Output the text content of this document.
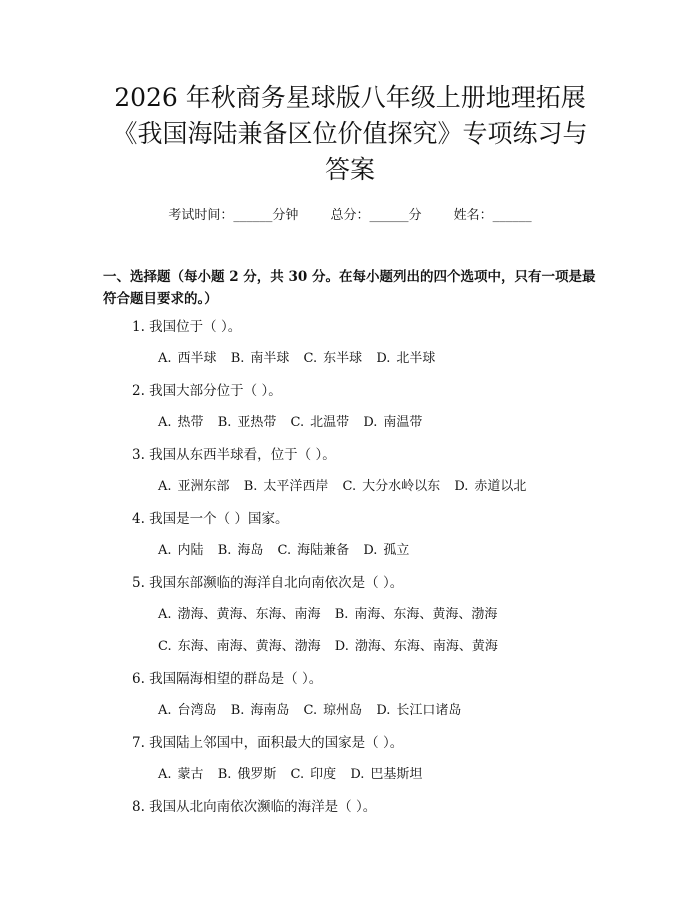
2026 年秋商务星球版八年级上册地理拓展
《我国海陆兼备区位价值探究》专项练习与
答案
考试时间：______分钟 总分：______分 姓名：______
一、选择题（每小题 2 分，共 30 分。在每小题列出的四个选项中，只有一项是最
符合题目要求的。）
1. 我国位于（ ）。
A. 西半球 B. 南半球 C. 东半球 D. 北半球
2. 我国大部分位于（ ）。
A. 热带 B. 亚热带 C. 北温带 D. 南温带
3. 我国从东西半球看，位于（ ）。
A. 亚洲东部 B. 太平洋西岸 C. 大分水岭以东 D. 赤道以北
4. 我国是一个（ ）国家。
A. 内陆 B. 海岛 C. 海陆兼备 D. 孤立
5. 我国东部濒临的海洋自北向南依次是（ ）。
A. 渤海、黄海、东海、南海 B. 南海、东海、黄海、渤海
C. 东海、南海、黄海、渤海 D. 渤海、东海、南海、黄海
6. 我国隔海相望的群岛是（ ）。
A. 台湾岛 B. 海南岛 C. 琼州岛 D. 长江口诸岛
7. 我国陆上邻国中，面积最大的国家是（ ）。
A. 蒙古 B. 俄罗斯 C. 印度 D. 巴基斯坦
8. 我国从北向南依次濒临的海洋是（ ）。
